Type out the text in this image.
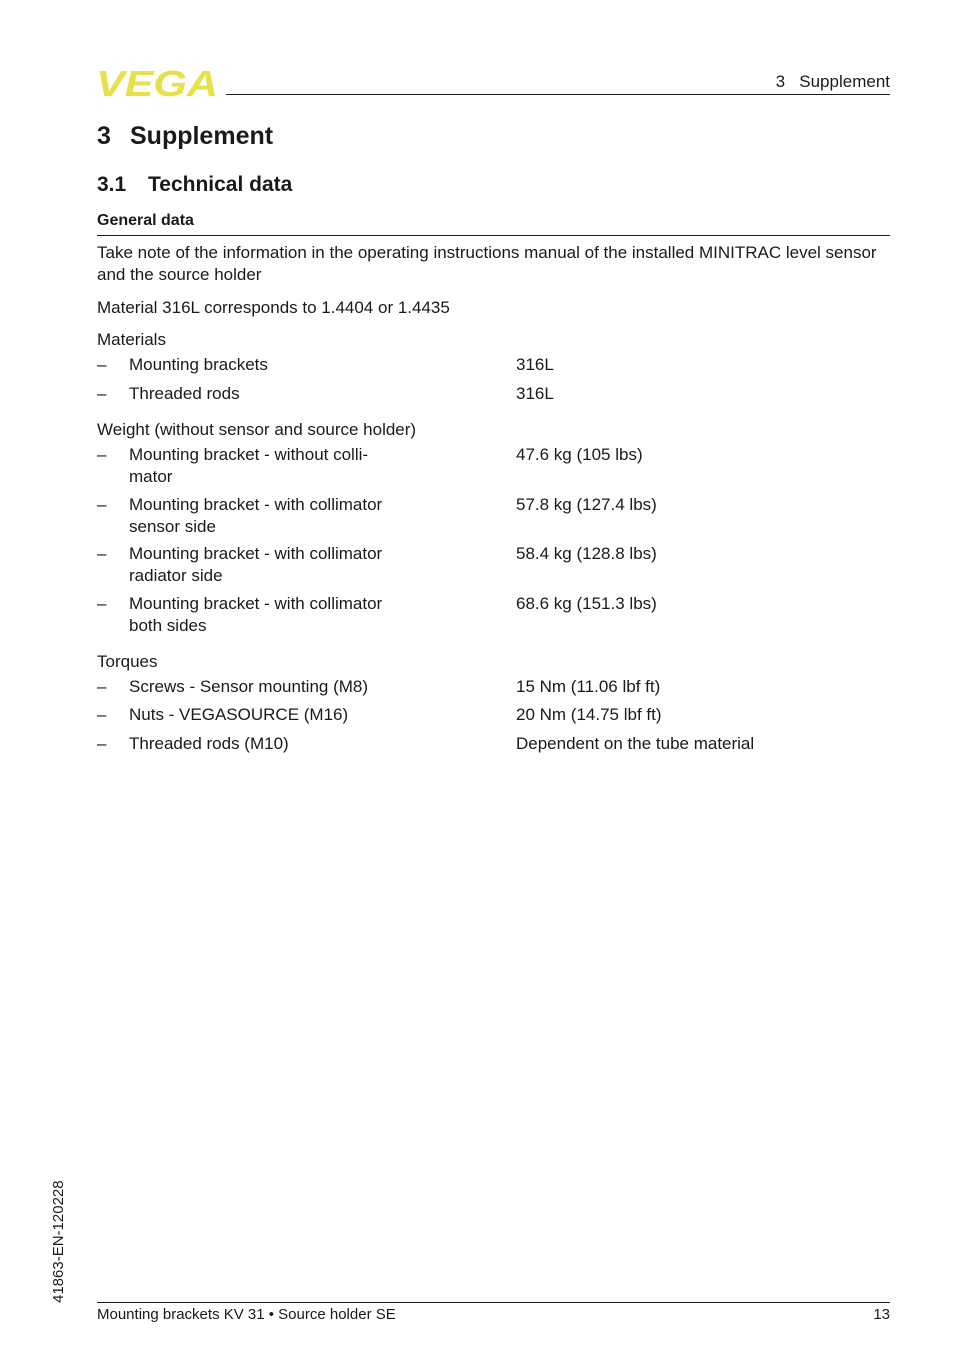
VEGA	3 Supplement
3 Supplement
3.1 Technical data
General data
Take note of the information in the operating instructions manual of the installed MINITRAC level sensor and the source holder
Material 316L corresponds to 1.4404 or 1.4435
Materials
– Mounting brackets	316L
– Threaded rods	316L
Weight (without sensor and source holder)
– Mounting bracket - without colli-
mator
47.6 kg (105 lbs)
– Mounting bracket - with collimator sensor side
57.8 kg (127.4 lbs)
– Mounting bracket - with collimator radiator side
58.4 kg (128.8 lbs)
– Mounting bracket - with collimator both sides
68.6 kg (151.3 lbs)
Torques
– Screws - Sensor mounting (M8)	15 Nm (11.06 lbf ft)
– Nuts - VEGASOURCE (M16)	20 Nm (14.75 lbf ft)
– Threaded rods (M10)	Dependent on the tube material
41863-EN-120228
Mounting brackets KV 31 • Source holder SE	13
